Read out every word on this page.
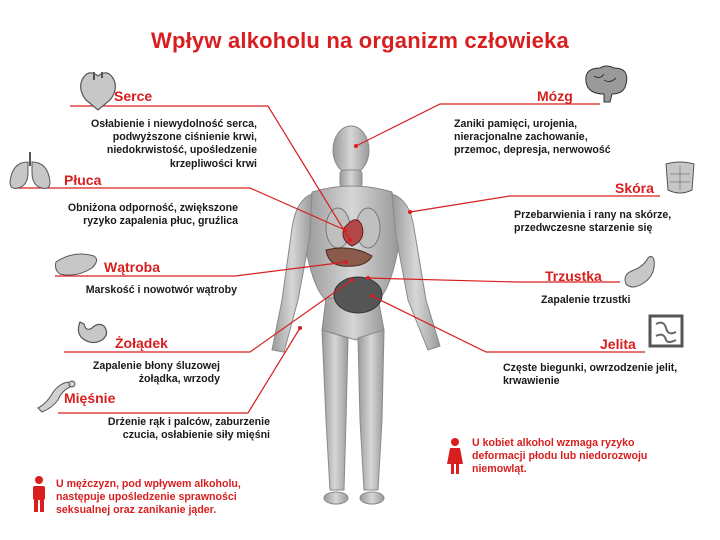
Wpływ alkoholu na organizm człowieka
Serce
Osłabienie i niewydolność serca,
podwyższone ciśnienie krwi,
niedokrwistość, upośledzenie
krzepliwości krwi
Płuca
Obniżona odporność, zwiększone
ryzyko zapalenia płuc, gruźlica
Wątroba
Marskość i nowotwór wątroby
Żołądek
Zapalenie błony śluzowej
żołądka, wrzody
Mięśnie
Drżenie rąk i palców, zaburzenie
czucia, osłabienie siły mięśni
Mózg
Zaniki pamięci, urojenia,
nieracjonalne zachowanie,
przemoc, depresja, nerwowość
Skóra
Przebarwienia i rany na skórze,
przedwczesne starzenie się
Trzustka
Zapalenie trzustki
Jelita
Częste biegunki, owrzodzenie jelit,
krwawienie
U mężczyzn, pod wpływem alkoholu,
następuje upośledzenie sprawności
seksualnej oraz zanikanie jąder.
U kobiet alkohol wzmaga ryzyko
deformacji płodu lub niedorozwoju
niemowląt.
